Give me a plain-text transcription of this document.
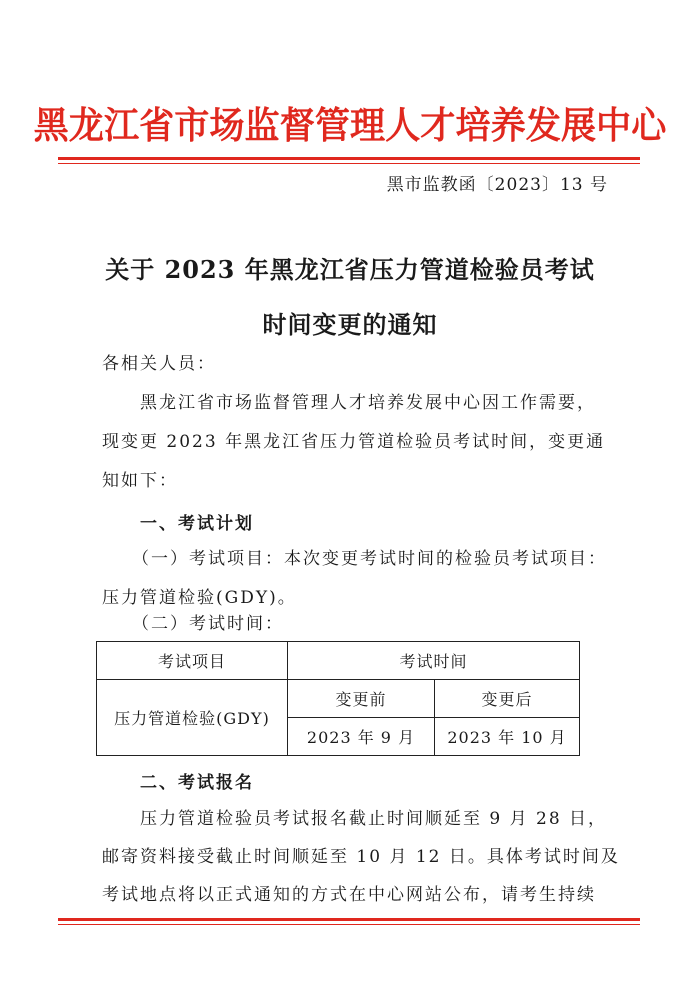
黑龙江省市场监督管理人才培养发展中心
黑市监教函〔2023〕13 号
关于 2023 年黑龙江省压力管道检验员考试
时间变更的通知
各相关人员：
黑龙江省市场监督管理人才培养发展中心因工作需要，
现变更 2023 年黑龙江省压力管道检验员考试时间，变更通
知如下：
一、考试计划
（一）考试项目：本次变更考试时间的检验员考试项目：
压力管道检验(GDY)。
（二）考试时间：
考试项目	考试时间	
压力管道检验(GDY)	变更前	变更后
	2023 年 9 月	2023 年 10 月
二、考试报名
压力管道检验员考试报名截止时间顺延至 9 月 28 日，
邮寄资料接受截止时间顺延至 10 月 12 日。具体考试时间及
考试地点将以正式通知的方式在中心网站公布，请考生持续
